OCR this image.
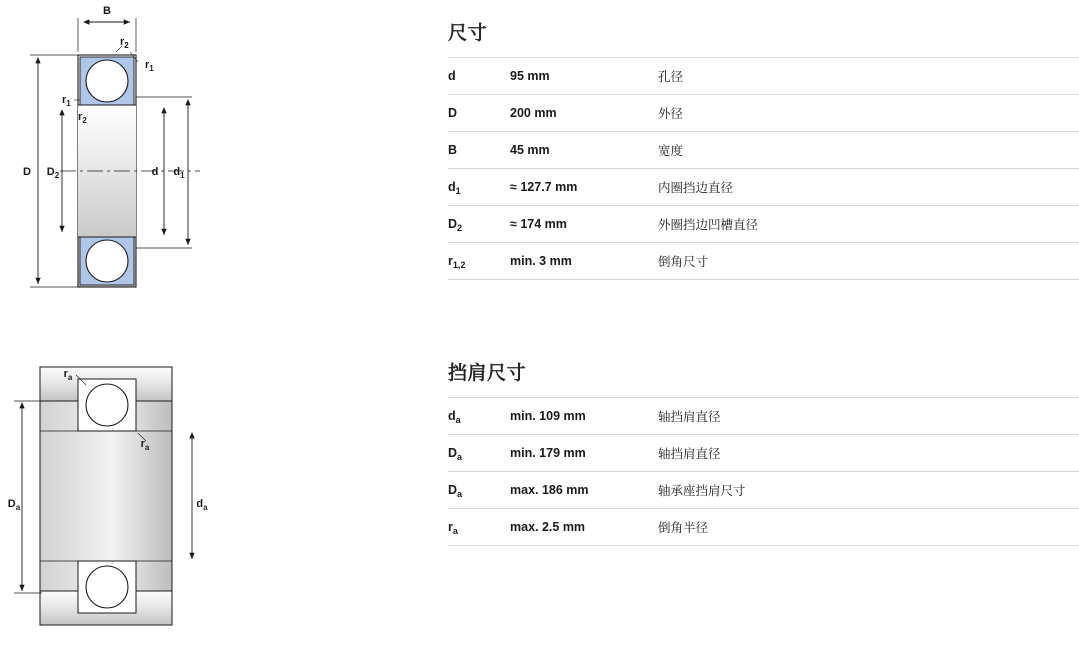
B
D $D_2$	d $d_1$
$r_1$
$r_2$
$r_1$
$r_2$
$D_a$	$d_a$
$r_a$
$r_a$
尺寸
d	95 mm	孔径
D	200 mm	外径
B	45 mm	宽度
$d_1$	≈ 127.7 mm	内圈挡边直径
$D_2$	≈ 174 mm	外圈挡边凹槽直径
$r_{1,2}$	min. 3 mm	倒角尺寸
挡肩尺寸
$d_a$	min. 109 mm	轴挡肩直径
$D_a$	min. 179 mm	轴挡肩直径
$D_a$	max. 186 mm	轴承座挡肩尺寸
$r_a$	max. 2.5 mm	倒角半径
